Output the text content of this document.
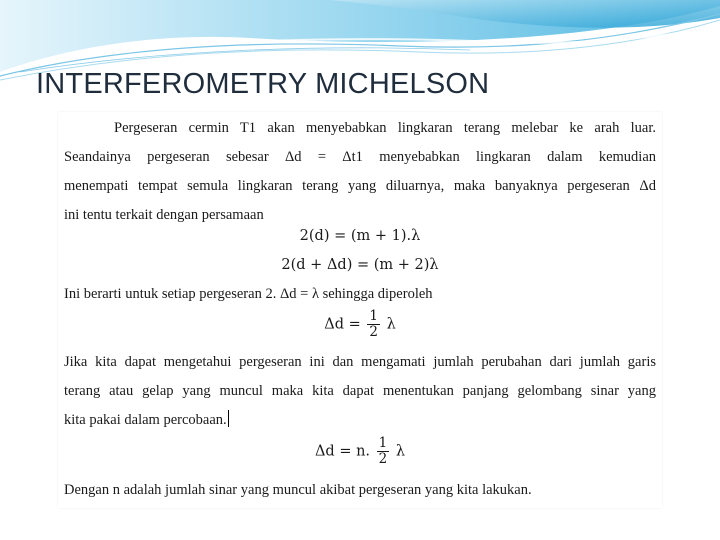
INTERFEROMETRY MICHELSON

Pergeseran cermin T1 akan menyebabkan lingkaran terang melebar ke arah luar.
Seandainya pergeseran sebesar Δd = Δt1 menyebabkan lingkaran dalam kemudian
menempati tempat semula lingkaran terang yang diluarnya, maka banyaknya pergeseran Δd
ini tentu terkait dengan persamaan

2(d) = (m + 1).λ
2(d + Δd) = (m + 2)λ

Ini berarti untuk setiap pergeseran 2. Δd = λ sehingga diperoleh

$\Delta d = \frac{1}{2}$ λ

Jika kita dapat mengetahui pergeseran ini dan mengamati jumlah perubahan dari jumlah garis
terang atau gelap yang muncul maka kita dapat menentukan panjang gelombang sinar yang
kita pakai dalam percobaan.

Δd = n. $\frac{1}{2}$ λ

Dengan n adalah jumlah sinar yang muncul akibat pergeseran yang kita lakukan.
